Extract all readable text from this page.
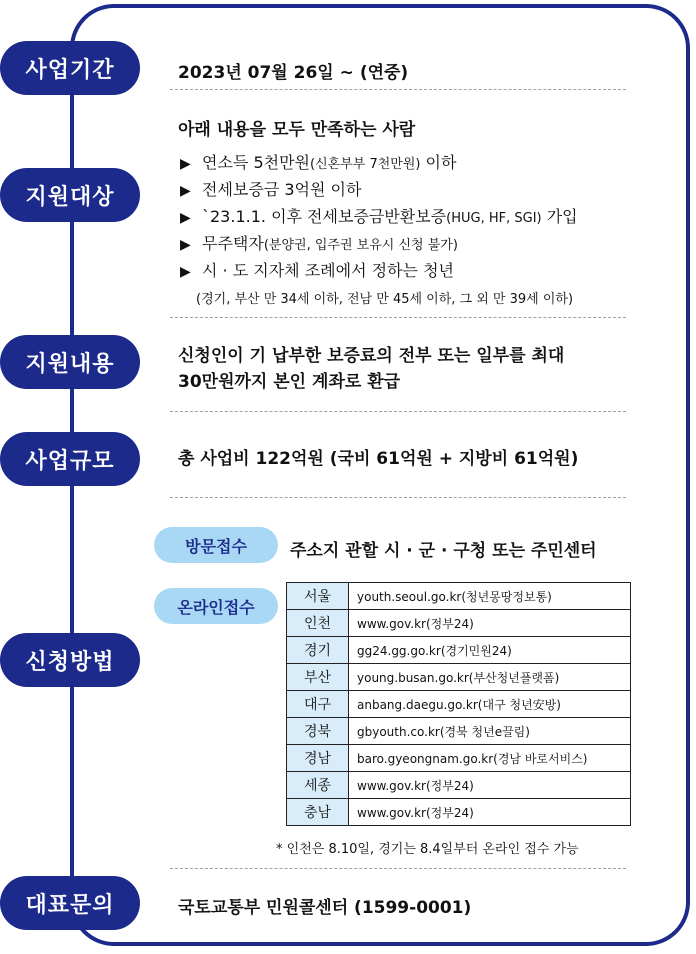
사업기간	2023년 07월 26일 ~ (연중)
지원대상
아래 내용을 모두 만족하는 사람
▶ 연소득 5천만원(신혼부부 7천만원) 이하
▶ 전세보증금 3억원 이하
▶ `23.1.1. 이후 전세보증금반환보증(HUG, HF, SGI) 가입
▶ 무주택자(분양권, 입주권 보유시 신청 불가)
▶ 시 · 도 지자체 조례에서 정하는 청년
(경기, 부산 만 34세 이하, 전남 만 45세 이하, 그 외 만 39세 이하)
지원내용	신청인이 기 납부한 보증료의 전부 또는 일부를 최대
30만원까지 본인 계좌로 환급
사업규모	총 사업비 122억원 (국비 61억원 + 지방비 61억원)
신청방법
방문접수	주소지 관할 시 · 군 · 구청 또는 주민센터
온라인접수
서울	youth.seoul.go.kr(청년몽땅정보통)
인천	www.gov.kr(정부24)
경기	gg24.gg.go.kr(경기민원24)
부산	young.busan.go.kr(부산청년플랫폼)
대구	anbang.daegu.go.kr(대구 청년安방)
경북	gbyouth.co.kr(경북 청년e끌림)
경남	baro.gyeongnam.go.kr(경남 바로서비스)
세종	www.gov.kr(정부24)
충남	www.gov.kr(정부24)
* 인천은 8.10일, 경기는 8.4일부터 온라인 접수 가능
대표문의	국토교통부 민원콜센터 (1599-0001)
